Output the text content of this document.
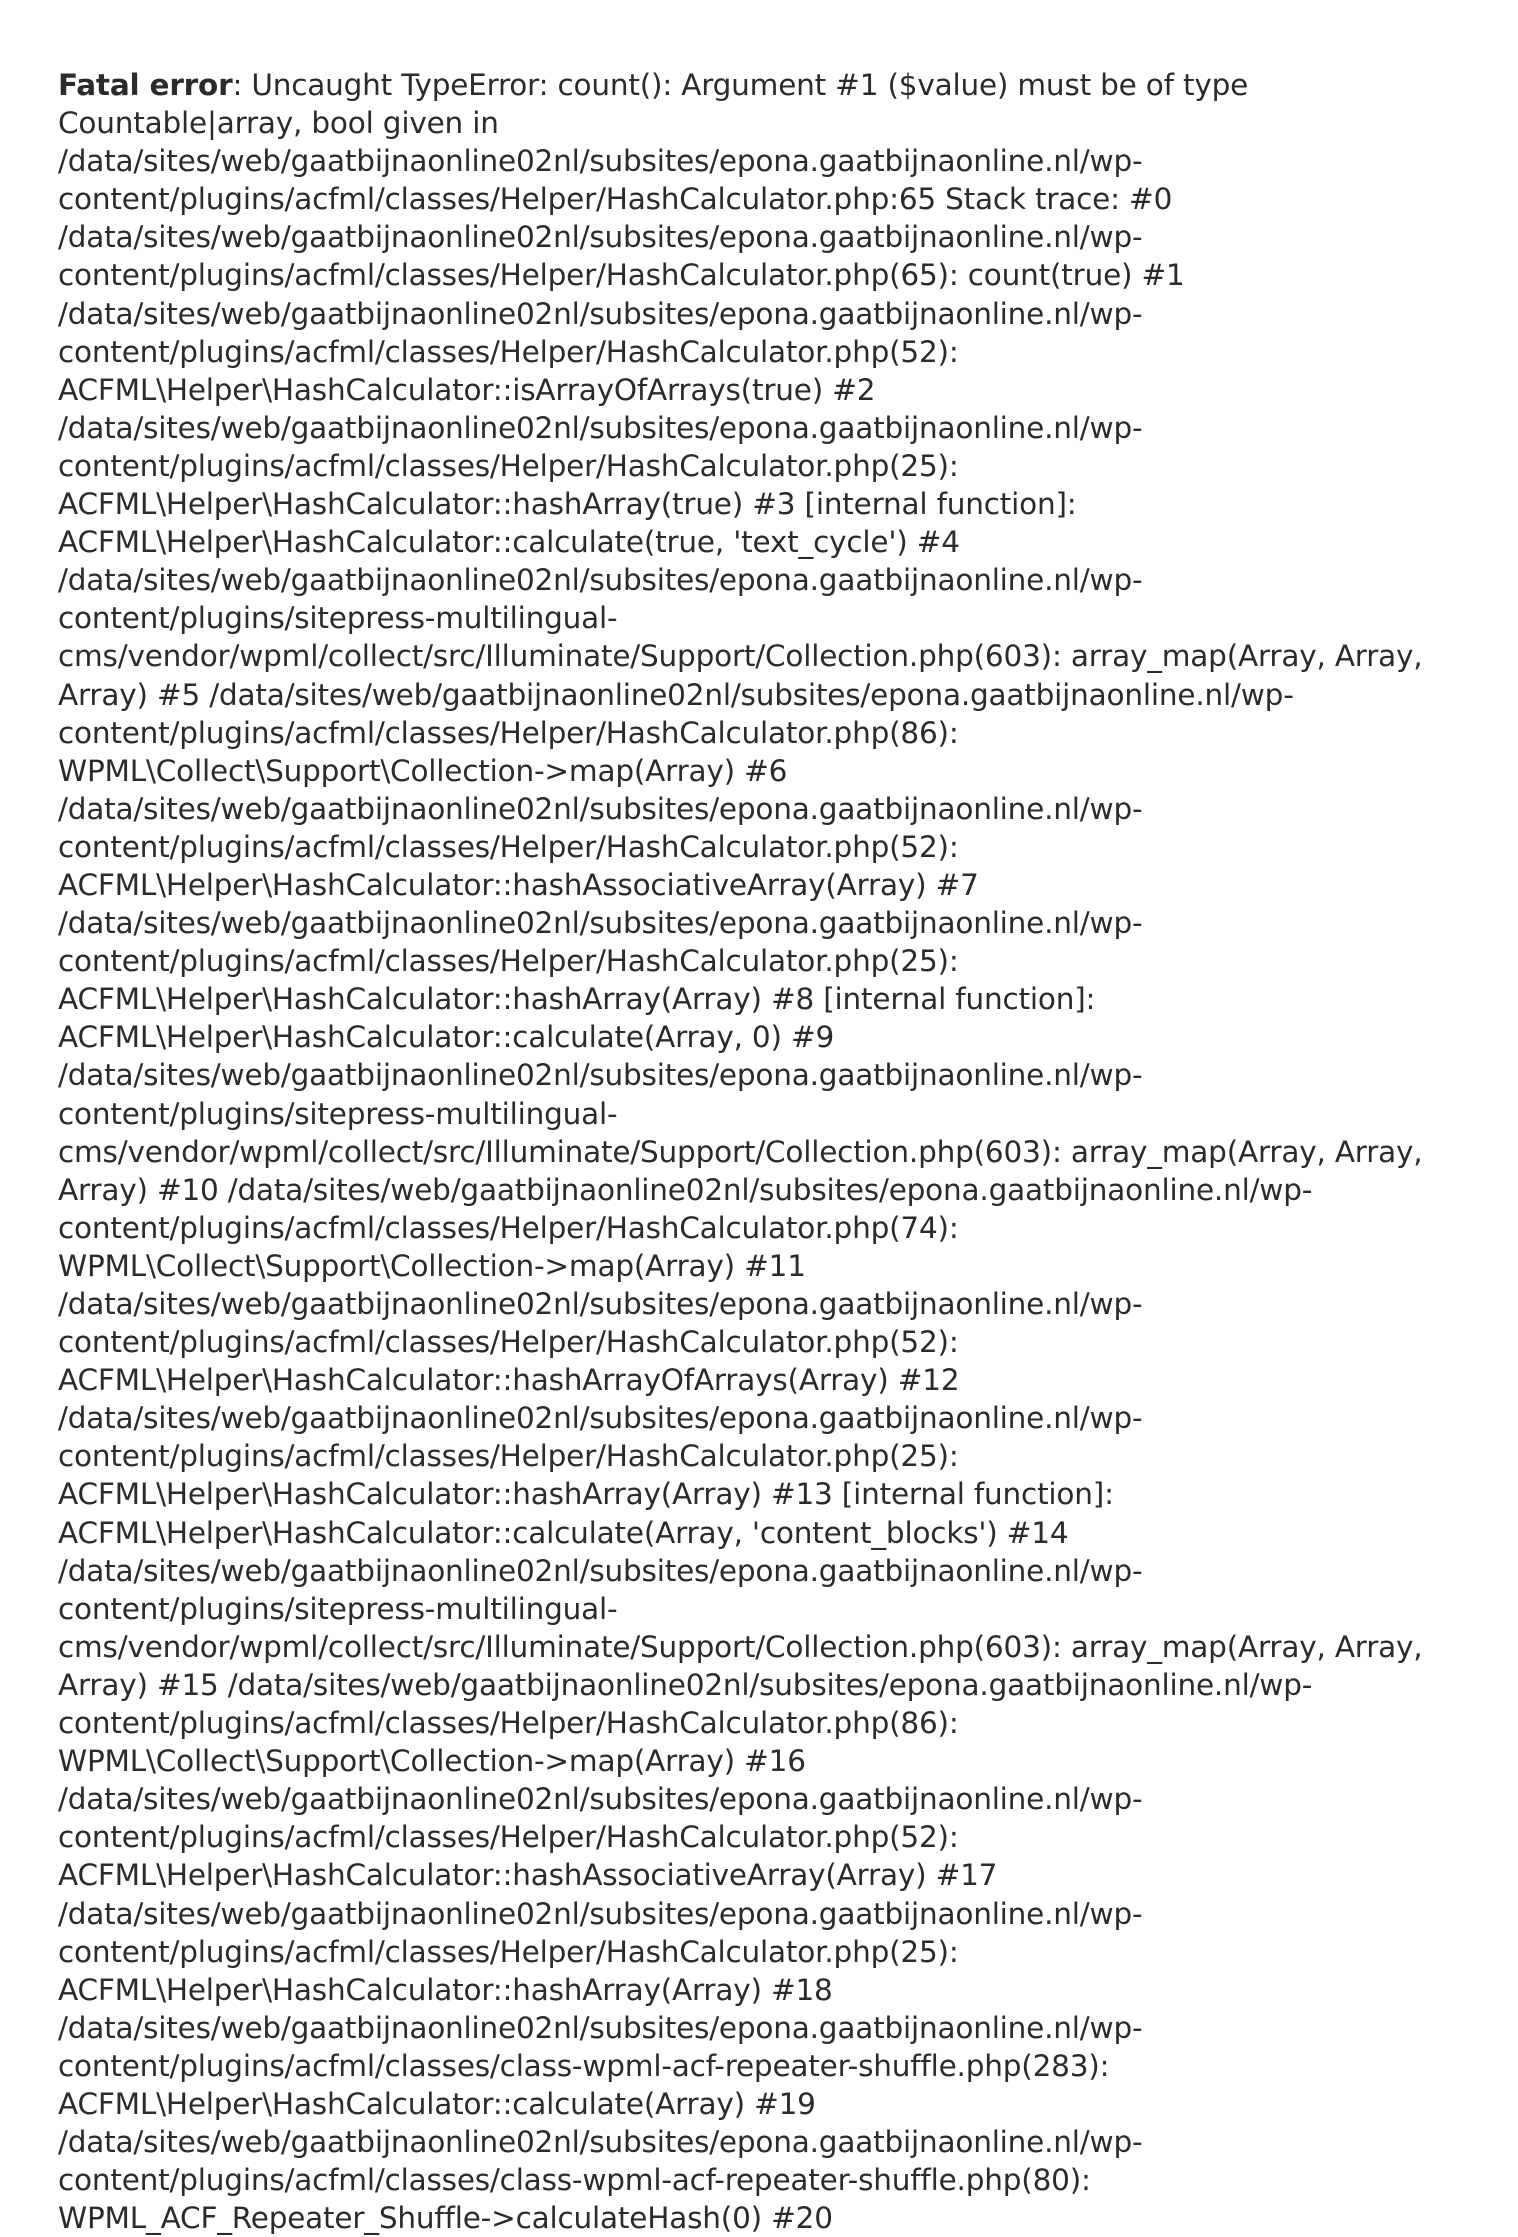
Fatal error: Uncaught TypeError: count(): Argument #1 ($value) must be of type
Countable|array, bool given in
/data/sites/web/gaatbijnaonline02nl/subsites/epona.gaatbijnaonline.nl/wp-
content/plugins/acfml/classes/Helper/HashCalculator.php:65 Stack trace: #0
/data/sites/web/gaatbijnaonline02nl/subsites/epona.gaatbijnaonline.nl/wp-
content/plugins/acfml/classes/Helper/HashCalculator.php(65): count(true) #1
/data/sites/web/gaatbijnaonline02nl/subsites/epona.gaatbijnaonline.nl/wp-
content/plugins/acfml/classes/Helper/HashCalculator.php(52):
ACFML\Helper\HashCalculator::isArrayOfArrays(true) #2
/data/sites/web/gaatbijnaonline02nl/subsites/epona.gaatbijnaonline.nl/wp-
content/plugins/acfml/classes/Helper/HashCalculator.php(25):
ACFML\Helper\HashCalculator::hashArray(true) #3 [internal function]:
ACFML\Helper\HashCalculator::calculate(true, 'text_cycle') #4
/data/sites/web/gaatbijnaonline02nl/subsites/epona.gaatbijnaonline.nl/wp-
content/plugins/sitepress-multilingual-
cms/vendor/wpml/collect/src/Illuminate/Support/Collection.php(603): array_map(Array, Array,
Array) #5 /data/sites/web/gaatbijnaonline02nl/subsites/epona.gaatbijnaonline.nl/wp-
content/plugins/acfml/classes/Helper/HashCalculator.php(86):
WPML\Collect\Support\Collection->map(Array) #6
/data/sites/web/gaatbijnaonline02nl/subsites/epona.gaatbijnaonline.nl/wp-
content/plugins/acfml/classes/Helper/HashCalculator.php(52):
ACFML\Helper\HashCalculator::hashAssociativeArray(Array) #7
/data/sites/web/gaatbijnaonline02nl/subsites/epona.gaatbijnaonline.nl/wp-
content/plugins/acfml/classes/Helper/HashCalculator.php(25):
ACFML\Helper\HashCalculator::hashArray(Array) #8 [internal function]:
ACFML\Helper\HashCalculator::calculate(Array, 0) #9
/data/sites/web/gaatbijnaonline02nl/subsites/epona.gaatbijnaonline.nl/wp-
content/plugins/sitepress-multilingual-
cms/vendor/wpml/collect/src/Illuminate/Support/Collection.php(603): array_map(Array, Array,
Array) #10 /data/sites/web/gaatbijnaonline02nl/subsites/epona.gaatbijnaonline.nl/wp-
content/plugins/acfml/classes/Helper/HashCalculator.php(74):
WPML\Collect\Support\Collection->map(Array) #11
/data/sites/web/gaatbijnaonline02nl/subsites/epona.gaatbijnaonline.nl/wp-
content/plugins/acfml/classes/Helper/HashCalculator.php(52):
ACFML\Helper\HashCalculator::hashArrayOfArrays(Array) #12
/data/sites/web/gaatbijnaonline02nl/subsites/epona.gaatbijnaonline.nl/wp-
content/plugins/acfml/classes/Helper/HashCalculator.php(25):
ACFML\Helper\HashCalculator::hashArray(Array) #13 [internal function]:
ACFML\Helper\HashCalculator::calculate(Array, 'content_blocks') #14
/data/sites/web/gaatbijnaonline02nl/subsites/epona.gaatbijnaonline.nl/wp-
content/plugins/sitepress-multilingual-
cms/vendor/wpml/collect/src/Illuminate/Support/Collection.php(603): array_map(Array, Array,
Array) #15 /data/sites/web/gaatbijnaonline02nl/subsites/epona.gaatbijnaonline.nl/wp-
content/plugins/acfml/classes/Helper/HashCalculator.php(86):
WPML\Collect\Support\Collection->map(Array) #16
/data/sites/web/gaatbijnaonline02nl/subsites/epona.gaatbijnaonline.nl/wp-
content/plugins/acfml/classes/Helper/HashCalculator.php(52):
ACFML\Helper\HashCalculator::hashAssociativeArray(Array) #17
/data/sites/web/gaatbijnaonline02nl/subsites/epona.gaatbijnaonline.nl/wp-
content/plugins/acfml/classes/Helper/HashCalculator.php(25):
ACFML\Helper\HashCalculator::hashArray(Array) #18
/data/sites/web/gaatbijnaonline02nl/subsites/epona.gaatbijnaonline.nl/wp-
content/plugins/acfml/classes/class-wpml-acf-repeater-shuffle.php(283):
ACFML\Helper\HashCalculator::calculate(Array) #19
/data/sites/web/gaatbijnaonline02nl/subsites/epona.gaatbijnaonline.nl/wp-
content/plugins/acfml/classes/class-wpml-acf-repeater-shuffle.php(80):
WPML_ACF_Repeater_Shuffle->calculateHash(0) #20
